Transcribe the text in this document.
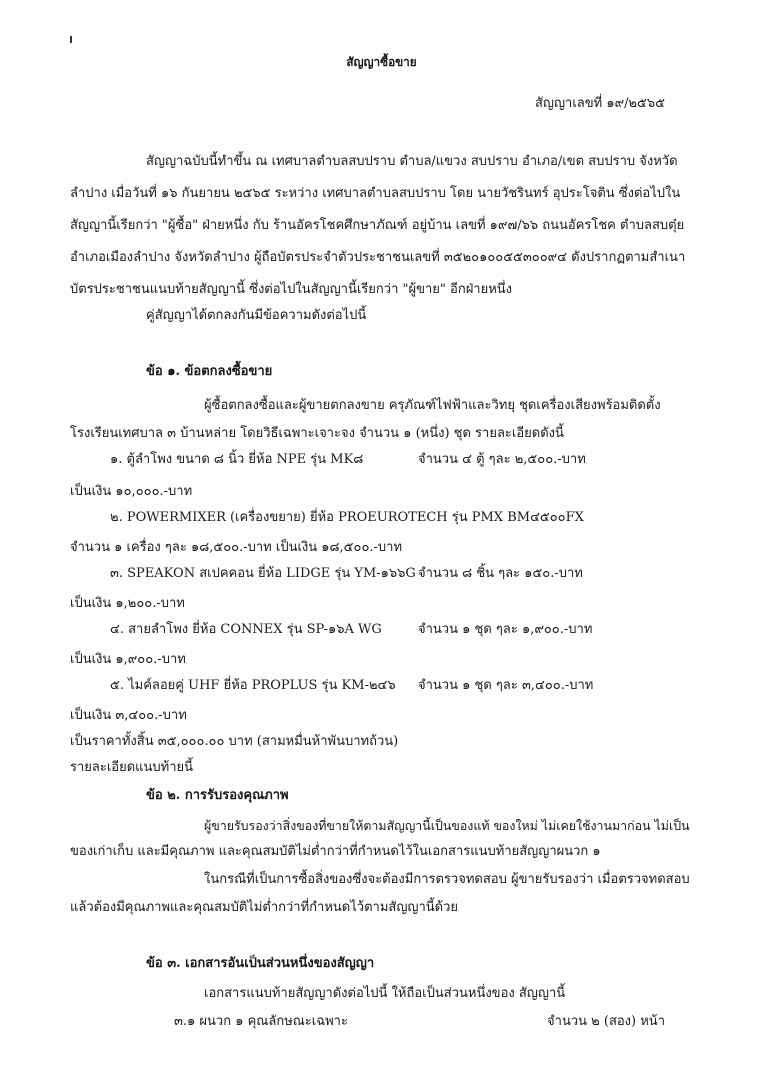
สัญญาซื้อขาย
สัญญาเลขที่ ๑๙/๒๕๖๕
สัญญาฉบับนี้ทำขึ้น ณ เทศบาลตำบลสบปราบ ตำบล/แขวง สบปราบ อำเภอ/เขต สบปราบ จังหวัด
ลำปาง เมื่อวันที่ ๑๖ กันยายน ๒๕๖๕ ระหว่าง เทศบาลตำบลสบปราบ โดย นายวัชรินทร์ อุประโจติน ซึ่งต่อไปใน
สัญญานี้เรียกว่า "ผู้ซื้อ" ฝ่ายหนึ่ง กับ ร้านอัครโชคศึกษาภัณฑ์ อยู่บ้าน เลขที่ ๑๙๗/๖๖ ถนนอัครโชค ตำบลสบตุ๋ย
อำเภอเมืองลำปาง จังหวัดลำปาง ผู้ถือบัตรประจำตัวประชาชนเลขที่ ๓๕๒๐๑๐๐๕๕๓๐๐๙๔ ดังปรากฏตามสำเนา
บัตรประชาชนแนบท้ายสัญญานี้ ซึ่งต่อไปในสัญญานี้เรียกว่า "ผู้ขาย" อีกฝ่ายหนึ่ง
คู่สัญญาได้ตกลงกันมีข้อความดังต่อไปนี้
ข้อ ๑. ข้อตกลงซื้อขาย
ผู้ซื้อตกลงซื้อและผู้ขายตกลงขาย ครุภัณฑ์ไฟฟ้าและวิทยุ ชุดเครื่องเสียงพร้อมติดตั้ง
โรงเรียนเทศบาล ๓ บ้านหล่าย โดยวิธีเฉพาะเจาะจง จำนวน ๑ (หนึ่ง) ชุด รายละเอียดดังนี้
๑. ตู้ลำโพง ขนาด ๘ นิ้ว ยี่ห้อ NPE รุ่น MK๘	จำนวน ๔ ตู้ ๆละ ๒,๕๐๐.-บาท
เป็นเงิน ๑๐,๐๐๐.-บาท
๒. POWERMIXER (เครื่องขยาย) ยี่ห้อ PROEUROTECH รุ่น PMX BM๔๕๐๐FX
จำนวน ๑ เครื่อง ๆละ ๑๘,๕๐๐.-บาท เป็นเงิน ๑๘,๕๐๐.-บาท
๓. SPEAKON สเปคคอน ยี่ห้อ LIDGE รุ่น YM-๑๖๖G จำนวน ๘ ชิ้น ๆละ ๑๕๐.-บาท
เป็นเงิน ๑,๒๐๐.-บาท
๔. สายลำโพง ยี่ห้อ CONNEX รุ่น SP-๑๖A WG	จำนวน ๑ ชุด ๆละ ๑,๙๐๐.-บาท
เป็นเงิน ๑,๙๐๐.-บาท
๕. ไมค์ลอยคู่ UHF ยี่ห้อ PROPLUS รุ่น KM-๒๔๖ จำนวน ๑ ชุด ๆละ ๓,๔๐๐.-บาท
เป็นเงิน ๓,๔๐๐.-บาท
เป็นราคาทั้งสิ้น ๓๕,๐๐๐.๐๐ บาท (สามหมื่นห้าพันบาทถ้วน)
รายละเอียดแนบท้ายนี้
ข้อ ๒. การรับรองคุณภาพ
ผู้ขายรับรองว่าสิ่งของที่ขายให้ตามสัญญานี้เป็นของแท้ ของใหม่ ไม่เคยใช้งานมาก่อน ไม่เป็น
ของเก่าเก็บ และมีคุณภาพ และคุณสมบัติไม่ต่ำกว่าที่กำหนดไว้ในเอกสารแนบท้ายสัญญาผนวก ๑
ในกรณีที่เป็นการซื้อสิ่งของซึ่งจะต้องมีการตรวจทดสอบ ผู้ขายรับรองว่า เมื่อตรวจทดสอบ
แล้วต้องมีคุณภาพและคุณสมบัติไม่ต่ำกว่าที่กำหนดไว้ตามสัญญานี้ด้วย
ข้อ ๓. เอกสารอันเป็นส่วนหนึ่งของสัญญา
เอกสารแนบท้ายสัญญาดังต่อไปนี้ ให้ถือเป็นส่วนหนึ่งของ สัญญานี้
๓.๑ ผนวก ๑ คุณลักษณะเฉพาะ	จำนวน ๒ (สอง) หน้า
